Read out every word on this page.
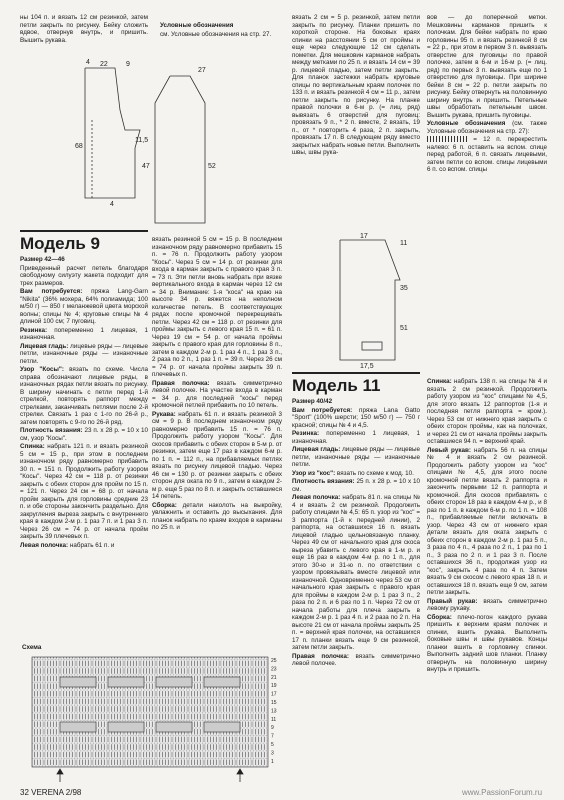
ны 104 п. и вязать 12 см резинкой, затем петли закрыть по рисунку. Бейку сложить вдвое, отвернув внутрь, и пришить. Вышить рукава.

Условные обозначения

см. Условные обозначения на стр. 27.

47
68
4 22	9
11,5
52
27
4

вязать 2 см = 5 р. резинкой, затем петли закрыть по рисунку. Планки пришить по короткой стороне. На боковых краях спинки на расстоянии 5 см от проймы и еще через следующие 12 см сделать пометки. Для мешковин карманов набрать между метками по 25 п. и вязать 14 см = 39 р. лицевой гладью, затем петли закрыть. Для планок застежки набрать круговые спицы по вертикальным краям полочек по 133 п. и вязать резинкой 4 см = 11 р., затем петли закрыть по рисунку. На планке правой полочки в 6-м р. (= лиц. ряд) вывязать 6 отверстий для пуговиц: провязать 9 п., * 2 п. вместе, 2 вязать, 19 п., от * повторить 4 раза, 2 п. закрыть, провязать 17 п. В следующем ряду вместо закрытых набрать новые петли. Выполнить швы, швы рука-

вов — до поперечной метки. Мешковины карманов пришить к полочкам. Для бейки набрать по краю горловины 95 п. и вязать резинкой 8 см = 22 р., при этом в первом 3 п. вывязать отверстие для пуговицы по правой полочке, затем в 6-м и 16-м р. (= лиц. ряд) по первых 3 п. вывязать еще по 1 отверстию для пуговицы. При ширине бейки 8 см = 22 р. петли закрыть по рисунку. Бейку отвернуть на половинную ширину внутрь и пришить. Петельные швы обработать петельным швом. Вышить рукава, пришить пуговицы.

Условные обозначения (см. также Условные обозначения на стр. 27):

= 12 п. перекрестить налево: 6 п. оставить на вспом. спице перед работой, 6 п. связать лицевыми, затем петли со вспом. спицы лицевыми 6 п. со вспом. спицы

35
51
17
11
17,5
Модель 9

Размер 42—46

Приведенный расчет петель благодаря свободному силуэту жакета подходит для трех размеров.

Вам потребуется: пряжа Lang-Garn "Nikita" (36% мохера, 64% полиамида; 100 м/50 г) — 850 г меланжевой цвета морской волны; спицы № 4; круговые спицы № 4 длиной 100 см; 7 пуговиц.

Резинка: попеременно 1 лицевая, 1 изнаночная.

Лицевая гладь: лицевые ряды — лицевые петли, изнаночные ряды — изнаночные петли.

Узор "Косы": вязать по схеме. Числа справа обозначают лицевые ряды, в изнаночных рядах петли вязать по рисунку. В ширину начинать с петли перед 1-й стрелкой, повторять раппорт между стрелками, заканчивать петлями после 2-й стрелки. Связать 1 раз с 1-го по 26-й р., затем повторять с 9-го по 26-й ряд.

Плотность вязания: 23 п. х 28 р. = 10 х 10 см, узор "Косы".

Спинка: набрать 121 п. и вязать резинкой 5 см = 15 р., при этом в последнем изнаночном ряду равномерно прибавить 30 п. = 151 п. Продолжить работу узором "Косы". Через 42 см = 118 р. от резинки закрыть с обеих сторон для пройм по 15 п. = 121 п. Через 24 см = 68 р. от начала пройм закрыть для горловины средние 23 п. и обе стороны закончить раздельно. Для закругления выреза закрыть с внутреннего края в каждом 2-м р. 1 раз 7 п. и 1 раз 3 п. Через 26 см = 74 р. от начала пройм закрыть 39 плечевых п.

Левая полочка: набрать 61 п. и

вязать резинкой 5 см = 15 р. В последнем изнаночном ряду равномерно прибавить 15 п. = 76 п. Продолжить работу узором "Косы". Через 5 см = 14 р. от резинки для входа в карман закрыть с правого края 3 п. = 73 п. Эти петли вновь набрать при вязке вертикального входа в карман через 12 см = 34 р. Внимание: 1-я "коса" на краю на высоте 34 р. вяжется на неполном количестве петель. В соответствующих рядах после кромочной перекрещивать петли. Через 42 см = 118 р. от резинки для проймы закрыть с левого края 15 п. = 61 п. Через 19 см = 54 р. от начала проймы закрыть с правого края для горловины 8 п., затем в каждом 2-м р. 1 раз 4 п., 1 раз 3 п., 2 раза по 2 п., 1 раз 1 п. = 39 п. Через 26 см = 74 р. от начала проймы закрыть 39 п. плечевых п.

Правая полочка: вязать симметрично левой полочке. На участке входа в карман = 34 р. для последней "косы" перед кромочной петлей прибавить по 10 петель.

Рукава: набрать 61 п. и вязать резинкой 3 см = 9 р. В последнем изнаночном ряду равномерно прибавить 15 п. = 76 п. Продолжить работу узором "Косы". Для скосов прибавить с обеих сторон в 5-м р. от резинки, затем еще 17 раз в каждом 6-м р. по 1 п. = 112 п., на прибавляемых петлях вязать по рисунку лицевой гладью. Через 46 см = 130 р. от резинки закрыть с обеих сторон для оката по 9 п., затем в каждом 2-м р. еще 5 раз по 8 п. и закрыть оставшиеся 14 петель.

Сборка: детали наколоть на выкройку, увлажнить и оставить до высыхания. Для планок набрать по краям входов в карманы по 25 п. и

Схема

25
23
21
19
17
15
13
11
9
7
5
3
1
Модель 11

Размер 40/42

Вам потребуется: пряжа Lana Gatto "Sport" (100% шерсти; 150 м/50 г) — 750 г красной; спицы № 4 и 4,5.

Резинка: попеременно 1 лицевая, 1 изнаночная.

Лицевая гладь: лицевые ряды — лицевые петли, изнаночные ряды — изнаночные петли.

Узор из "кос": вязать по схеме к мод. 10.

Плотность вязания: 25 п. х 28 р. = 10 х 10 см.

Левая полочка: набрать 81 п. на спицы № 4 и вязать 2 см резинкой. Продолжить работу спицами № 4,5: 65 п. узор из "кос" = 3 раппорта (1-й к передней линии), 2 раппорта, на оставшихся 16 п. вязать лицевой гладью цельновязаную планку. Через 49 см от начального края для скоса выреза убавить с левого края в 1-м р. и еще 16 раз в каждом 4-м р. по 1 п., для этого 30-ю и 31-ю п. по ответствии с узором провязывать вместе лицевой или изнаночной. Одновременно через 53 см от начального края закрыть с правого края для проймы в каждом 2-м р. 1 раз 3 п., 2 раза по 2 п. и 6 раз по 1 п. Через 72 см от начала работы для плеча закрыть в каждом 2-м р. 1 раз 4 п. и 2 раза по 2 п. На высоте 21 см от начала проймы закрыть 25 п. = верхней края полочки, на оставшихся 17 п. планки вязать еще 9 см резинкой, затем петли закрыть.

Правая полочка: вязать симметрично левой полочке.

Спинка: набрать 138 п. на спицы № 4 и вязать 2 см резинкой. Продолжить работу узором из "кос" спицами № 4,5, для этого вязать 12 раппортов (1-я и последняя петля раппорта = кром.). Через 53 см от нижнего края закрыть с обеих сторон проймы, как на полочках, и через 21 см от начала проймы закрыть оставшиеся 94 п. = верхний край.

Левый рукав: набрать 56 п. на спицы № 4 и вязать 2 см резинкой. Продолжить работу узором из "кос" спицами № 4,5, для этого после кромочной петли вязать 2 раппорта и закончить первыми 12 п. раппорта и кромочной. Для скосов прибавлять с обеих сторон 18 раз в каждом 4-м р., и 8 раз по 1 п. в каждом 6-м р. по 1 п. = 108 п., прибавляемые петли включать в узор. Через 43 см от нижнего края детали вязать для оката закрыть с обеих сторон в каждом 2-м р. 1 раз 5 п., 3 раза по 4 п., 4 раза по 2 п., 1 раз по 1 п., 3 раза по 2 п. и 1 раз 3 п. После оставшихся 36 п., продолжая узор из "кос", закрыть 4 раза по 4 п. Затем вязать 9 см скосом с левого края 18 п. и оставшихся 18 п. вязать еще 9 см, затем петли закрыть.

Правый рукав: вязать симметрично левому рукаву.

Сборка: плечо-погон каждого рукава пришить к верхним краям полочек и спинки, вшить рукава. Выполнить боковые швы и швы рукавов. Концы планки вшить в горловину спинки. Выполнить задний шов планки. Планку отвернуть на половинную ширину внутрь и пришить.

32 VERENA 2/98	www.PassionForum.ru
